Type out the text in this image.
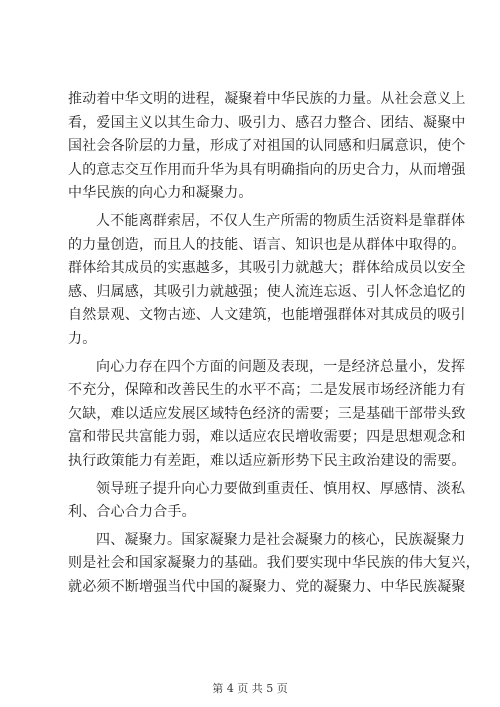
推动着中华文明的进程，凝聚着中华民族的力量。从社会意义上
看，爱国主义以其生命力、吸引力、感召力整合、团结、凝聚中
国社会各阶层的力量，形成了对祖国的认同感和归属意识，使个
人的意志交互作用而升华为具有明确指向的历史合力，从而增强
中华民族的向心力和凝聚力。

人不能离群索居，不仅人生产所需的物质生活资料是靠群体
的力量创造，而且人的技能、语言、知识也是从群体中取得的。
群体给其成员的实惠越多，其吸引力就越大；群体给成员以安全
感、归属感，其吸引力就越强；使人流连忘返、引人怀念追忆的
自然景观、文物古迹、人文建筑，也能增强群体对其成员的吸引
力。

向心力存在四个方面的问题及表现，一是经济总量小，发挥
不充分，保障和改善民生的水平不高；二是发展市场经济能力有
欠缺，难以适应发展区域特色经济的需要；三是基础干部带头致
富和带民共富能力弱，难以适应农民增收需要；四是思想观念和
执行政策能力有差距，难以适应新形势下民主政治建设的需要。

领导班子提升向心力要做到重责任、慎用权、厚感情、淡私
利、合心合力合手。

四、凝聚力。国家凝聚力是社会凝聚力的核心，民族凝聚力
则是社会和国家凝聚力的基础。我们要实现中华民族的伟大复兴，
就必须不断增强当代中国的凝聚力、党的凝聚力、中华民族凝聚

第 4 页 共 5 页
